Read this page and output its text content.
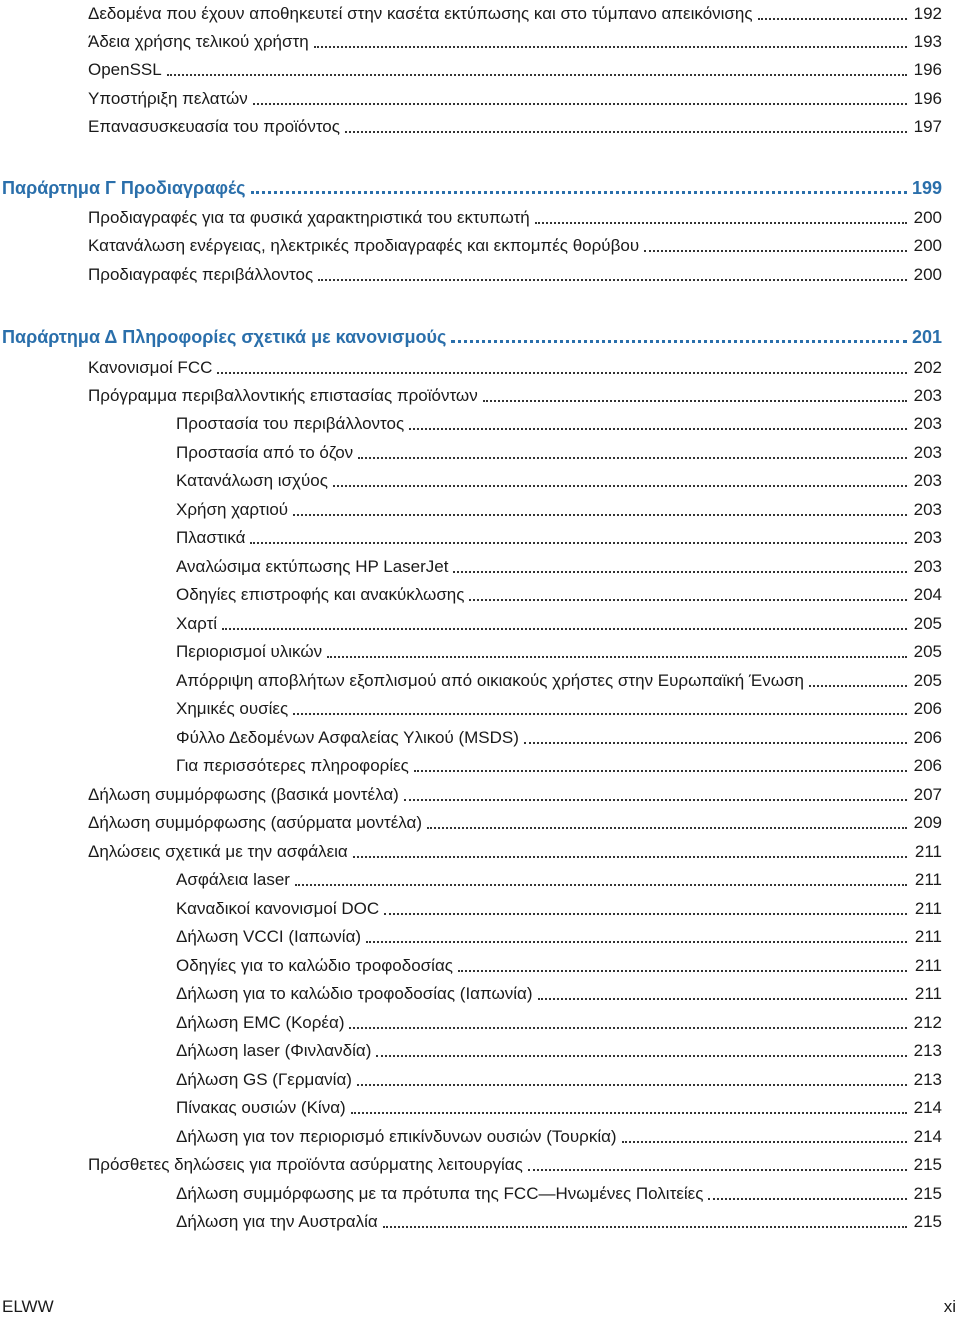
Δεδομένα που έχουν αποθηκευτεί στην κασέτα εκτύπωσης και στο τύμπανο απεικόνισης	192
Άδεια χρήσης τελικού χρήστη	193
OpenSSL	196
Υποστήριξη πελατών	196
Επανασυσκευασία του προϊόντος	197
Παράρτημα Γ Προδιαγραφές	199
Προδιαγραφές για τα φυσικά χαρακτηριστικά του εκτυπωτή	200
Κατανάλωση ενέργειας, ηλεκτρικές προδιαγραφές και εκπομπές θορύβου	200
Προδιαγραφές περιβάλλοντος	200
Παράρτημα Δ Πληροφορίες σχετικά με κανονισμούς	201
Κανονισμοί FCC	202
Πρόγραμμα περιβαλλοντικής επιστασίας προϊόντων	203
Προστασία του περιβάλλοντος	203
Προστασία από το όζον	203
Κατανάλωση ισχύος	203
Χρήση χαρτιού	203
Πλαστικά	203
Αναλώσιμα εκτύπωσης HP LaserJet	203
Οδηγίες επιστροφής και ανακύκλωσης	204
Χαρτί	205
Περιορισμοί υλικών	205
Απόρριψη αποβλήτων εξοπλισμού από οικιακούς χρήστες στην Ευρωπαϊκή Ένωση	205
Χημικές ουσίες	206
Φύλλο Δεδομένων Ασφαλείας Υλικού (MSDS)	206
Για περισσότερες πληροφορίες	206
Δήλωση συμμόρφωσης (βασικά μοντέλα)	207
Δήλωση συμμόρφωσης (ασύρματα μοντέλα)	209
Δηλώσεις σχετικά με την ασφάλεια	211
Ασφάλεια laser	211
Καναδικοί κανονισμοί DOC	211
Δήλωση VCCI (Ιαπωνία)	211
Οδηγίες για το καλώδιο τροφοδοσίας	211
Δήλωση για το καλώδιο τροφοδοσίας (Ιαπωνία)	211
Δήλωση EMC (Κορέα)	212
Δήλωση laser (Φινλανδία)	213
Δήλωση GS (Γερμανία)	213
Πίνακας ουσιών (Κίνα)	214
Δήλωση για τον περιορισμό επικίνδυνων ουσιών (Τουρκία)	214
Πρόσθετες δηλώσεις για προϊόντα ασύρματης λειτουργίας	215
Δήλωση συμμόρφωσης με τα πρότυπα της FCC—Ηνωμένες Πολιτείες	215
Δήλωση για την Αυστραλία	215
ELWW	xi
